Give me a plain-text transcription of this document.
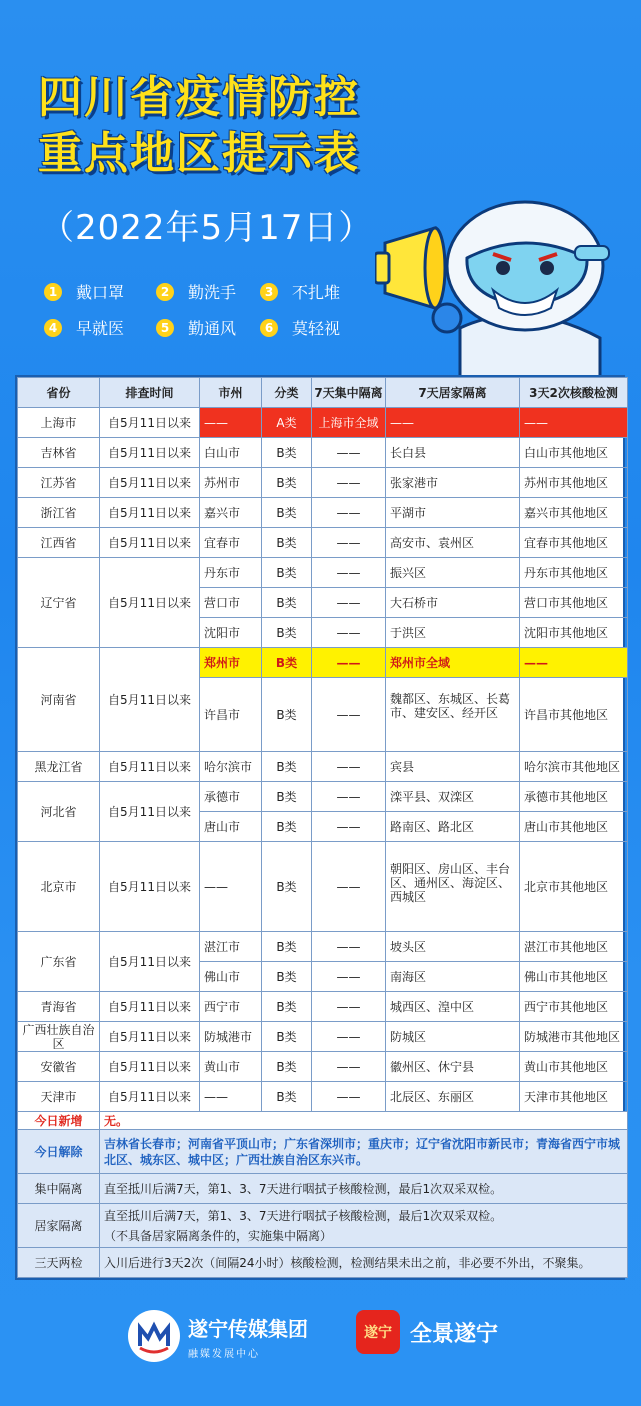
四川省疫情防控
重点地区提示表
（2022年5月17日）
1	戴口罩	2	勤洗手	3	不扎堆
4	早就医	5	勤通风	6	莫轻视
省份	排查时间	市州	分类	7天集中隔离	7天居家隔离	3天2次核酸检测
上海市	自5月11日以来	——	A类	上海市全域	——	——
吉林省	自5月11日以来	白山市	B类	——	长白县	白山市其他地区
江苏省	自5月11日以来	苏州市	B类	——	张家港市	苏州市其他地区
浙江省	自5月11日以来	嘉兴市	B类	——	平湖市	嘉兴市其他地区
江西省	自5月11日以来	宜春市	B类	——	高安市、袁州区	宜春市其他地区
辽宁省	自5月11日以来	丹东市	B类	——	振兴区	丹东市其他地区
		营口市	B类	——	大石桥市	营口市其他地区
		沈阳市	B类	——	于洪区	沈阳市其他地区
河南省	自5月11日以来	郑州市	B类	——	郑州市全域	——
		许昌市	B类	——	魏都区、东城区、长葛市、建安区、经开区	许昌市其他地区
黑龙江省	自5月11日以来	哈尔滨市	B类	——	宾县	哈尔滨市其他地区
河北省	自5月11日以来	承德市	B类	——	滦平县、双滦区	承德市其他地区
		唐山市	B类	——	路南区、路北区	唐山市其他地区
北京市	自5月11日以来	——	B类	——	朝阳区、房山区、丰台区、通州区、海淀区、西城区	北京市其他地区
广东省	自5月11日以来	湛江市	B类	——	坡头区	湛江市其他地区
		佛山市	B类	——	南海区	佛山市其他地区
青海省	自5月11日以来	西宁市	B类	——	城西区、湟中区	西宁市其他地区
广西壮族自治区	自5月11日以来	防城港市	B类	——	防城区	防城港市其他地区
安徽省	自5月11日以来	黄山市	B类	——	徽州区、休宁县	黄山市其他地区
天津市	自5月11日以来	——	B类	——	北辰区、东丽区	天津市其他地区
今日新增	无。					
今日解除	吉林省长春市；河南省平顶山市；广东省深圳市；重庆市；辽宁省沈阳市新民市；青海省西宁市城北区、城东区、城中区；广西壮族自治区东兴市。					
集中隔离	直至抵川后满7天，第1、3、7天进行咽拭子核酸检测，最后1次双采双检。					
居家隔离	直至抵川后满7天，第1、3、7天进行咽拭子核酸检测，最后1次双采双检。
（不具备居家隔离条件的，实施集中隔离）					

三天两检	入川后进行3天2次（间隔24小时）核酸检测，检测结果未出之前，非必要不外出，不聚集。					
遂宁传媒集团
融媒发展中心
遂宁 全景遂宁
